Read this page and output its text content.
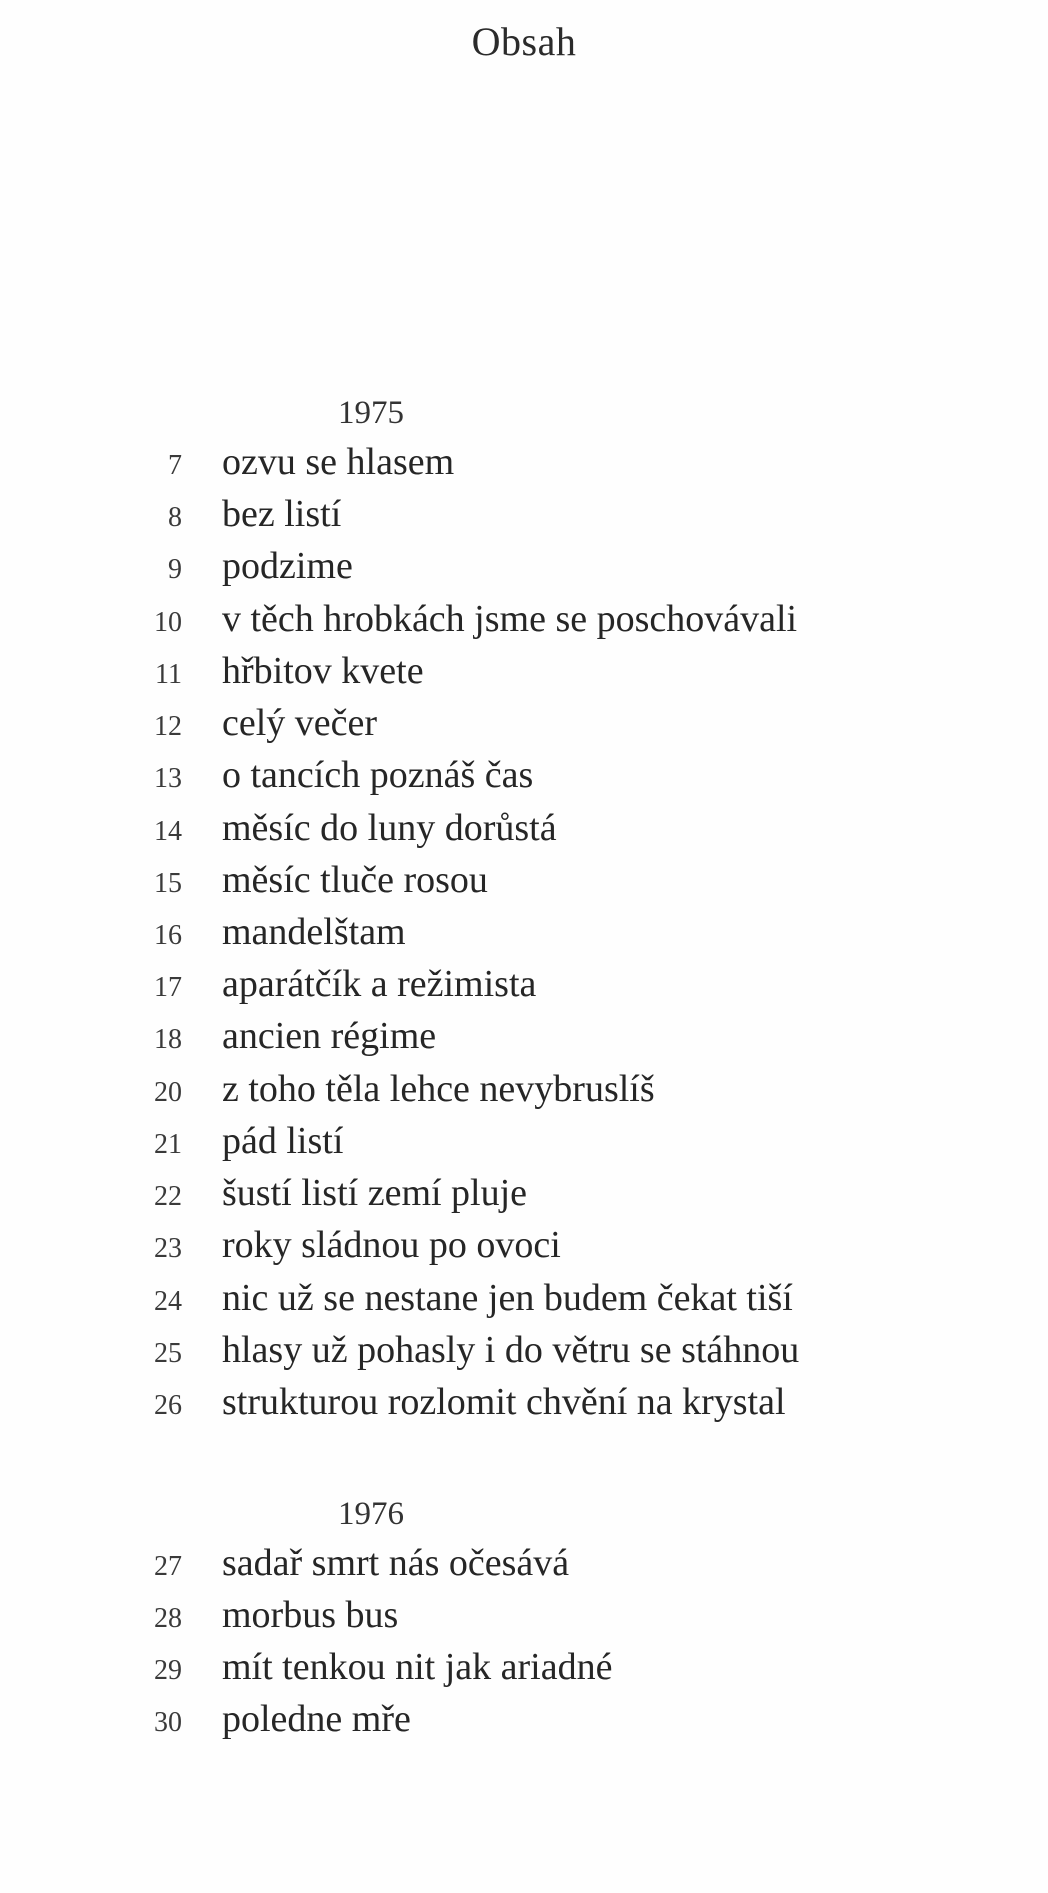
Obsah
1975
7 ozvu se hlasem
8 bez listí
9 podzime
10 v těch hrobkách jsme se poschovávali
11 hřbitov kvete
12 celý večer
13 o tancích poznáš čas
14 měsíc do luny dorůstá
15 měsíc tluče rosou
16 mandelštam
17 aparátčík a režimista
18 ancien régime
20 z toho těla lehce nevybruslíš
21 pád listí
22 šustí listí zemí pluje
23 roky sládnou po ovoci
24 nic už se nestane jen budem čekat tiší
25 hlasy už pohasly i do větru se stáhnou
26 strukturou rozlomit chvění na krystal
1976
27 sadař smrt nás očesává
28 morbus bus
29 mít tenkou nit jak ariadné
30 poledne mře
